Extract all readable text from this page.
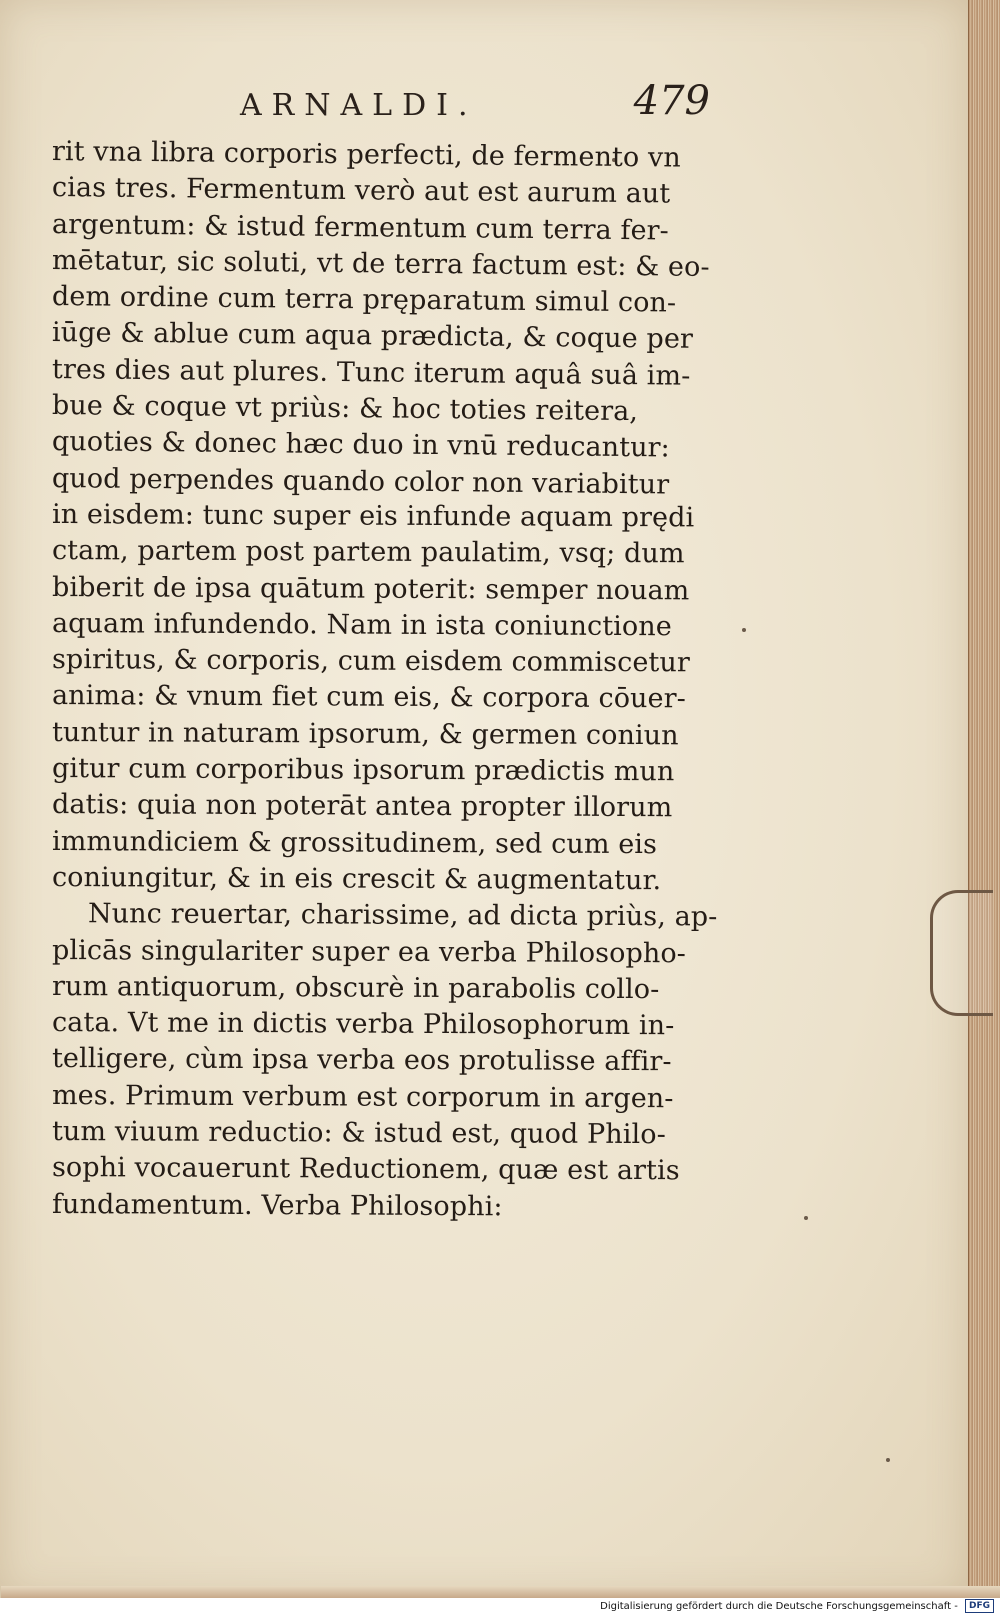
ARNALDI.	479
rit vna libra corporis perfecti, de fermento vn
cias tres. Fermentum verò aut est aurum aut
argentum: & istud fermentum cum terra fer-
mētatur, sic soluti, vt de terra factum est: & eo-
dem ordine cum terra pręparatum simul con-
iūge & ablue cum aqua prædicta, & coque per
tres dies aut plures. Tunc iterum aquâ suâ im-
bue & coque vt priùs: & hoc toties reitera,
quoties & donec hæc duo in vnū reducantur:
quod perpendes quando color non variabitur
in eisdem: tunc super eis infunde aquam prędi
ctam, partem post partem paulatim, vsq; dum
biberit de ipsa quātum poterit: semper nouam
aquam infundendo. Nam in ista coniunctione
spiritus, & corporis, cum eisdem commiscetur
anima: & vnum fiet cum eis, & corpora cōuer-
tuntur in naturam ipsorum, & germen coniun
gitur cum corporibus ipsorum prædictis mun
datis: quia non poterāt antea propter illorum
immundiciem & grossitudinem, sed cum eis
coniungitur, & in eis crescit & augmentatur.
Nunc reuertar, charissime, ad dicta priùs, ap-
plicās singulariter super ea verba Philosopho-
rum antiquorum, obscurè in parabolis collo-
cata. Vt me in dictis verba Philosophorum in-
telligere, cùm ipsa verba eos protulisse affir-
mes. Primum verbum est corporum in argen-
tum viuum reductio: & istud est, quod Philo-
sophi vocauerunt Reductionem, quæ est artis
fundamentum. Verba Philosophi:
Digitalisierung gefördert durch die Deutsche Forschungsgemeinschaft - DFG
